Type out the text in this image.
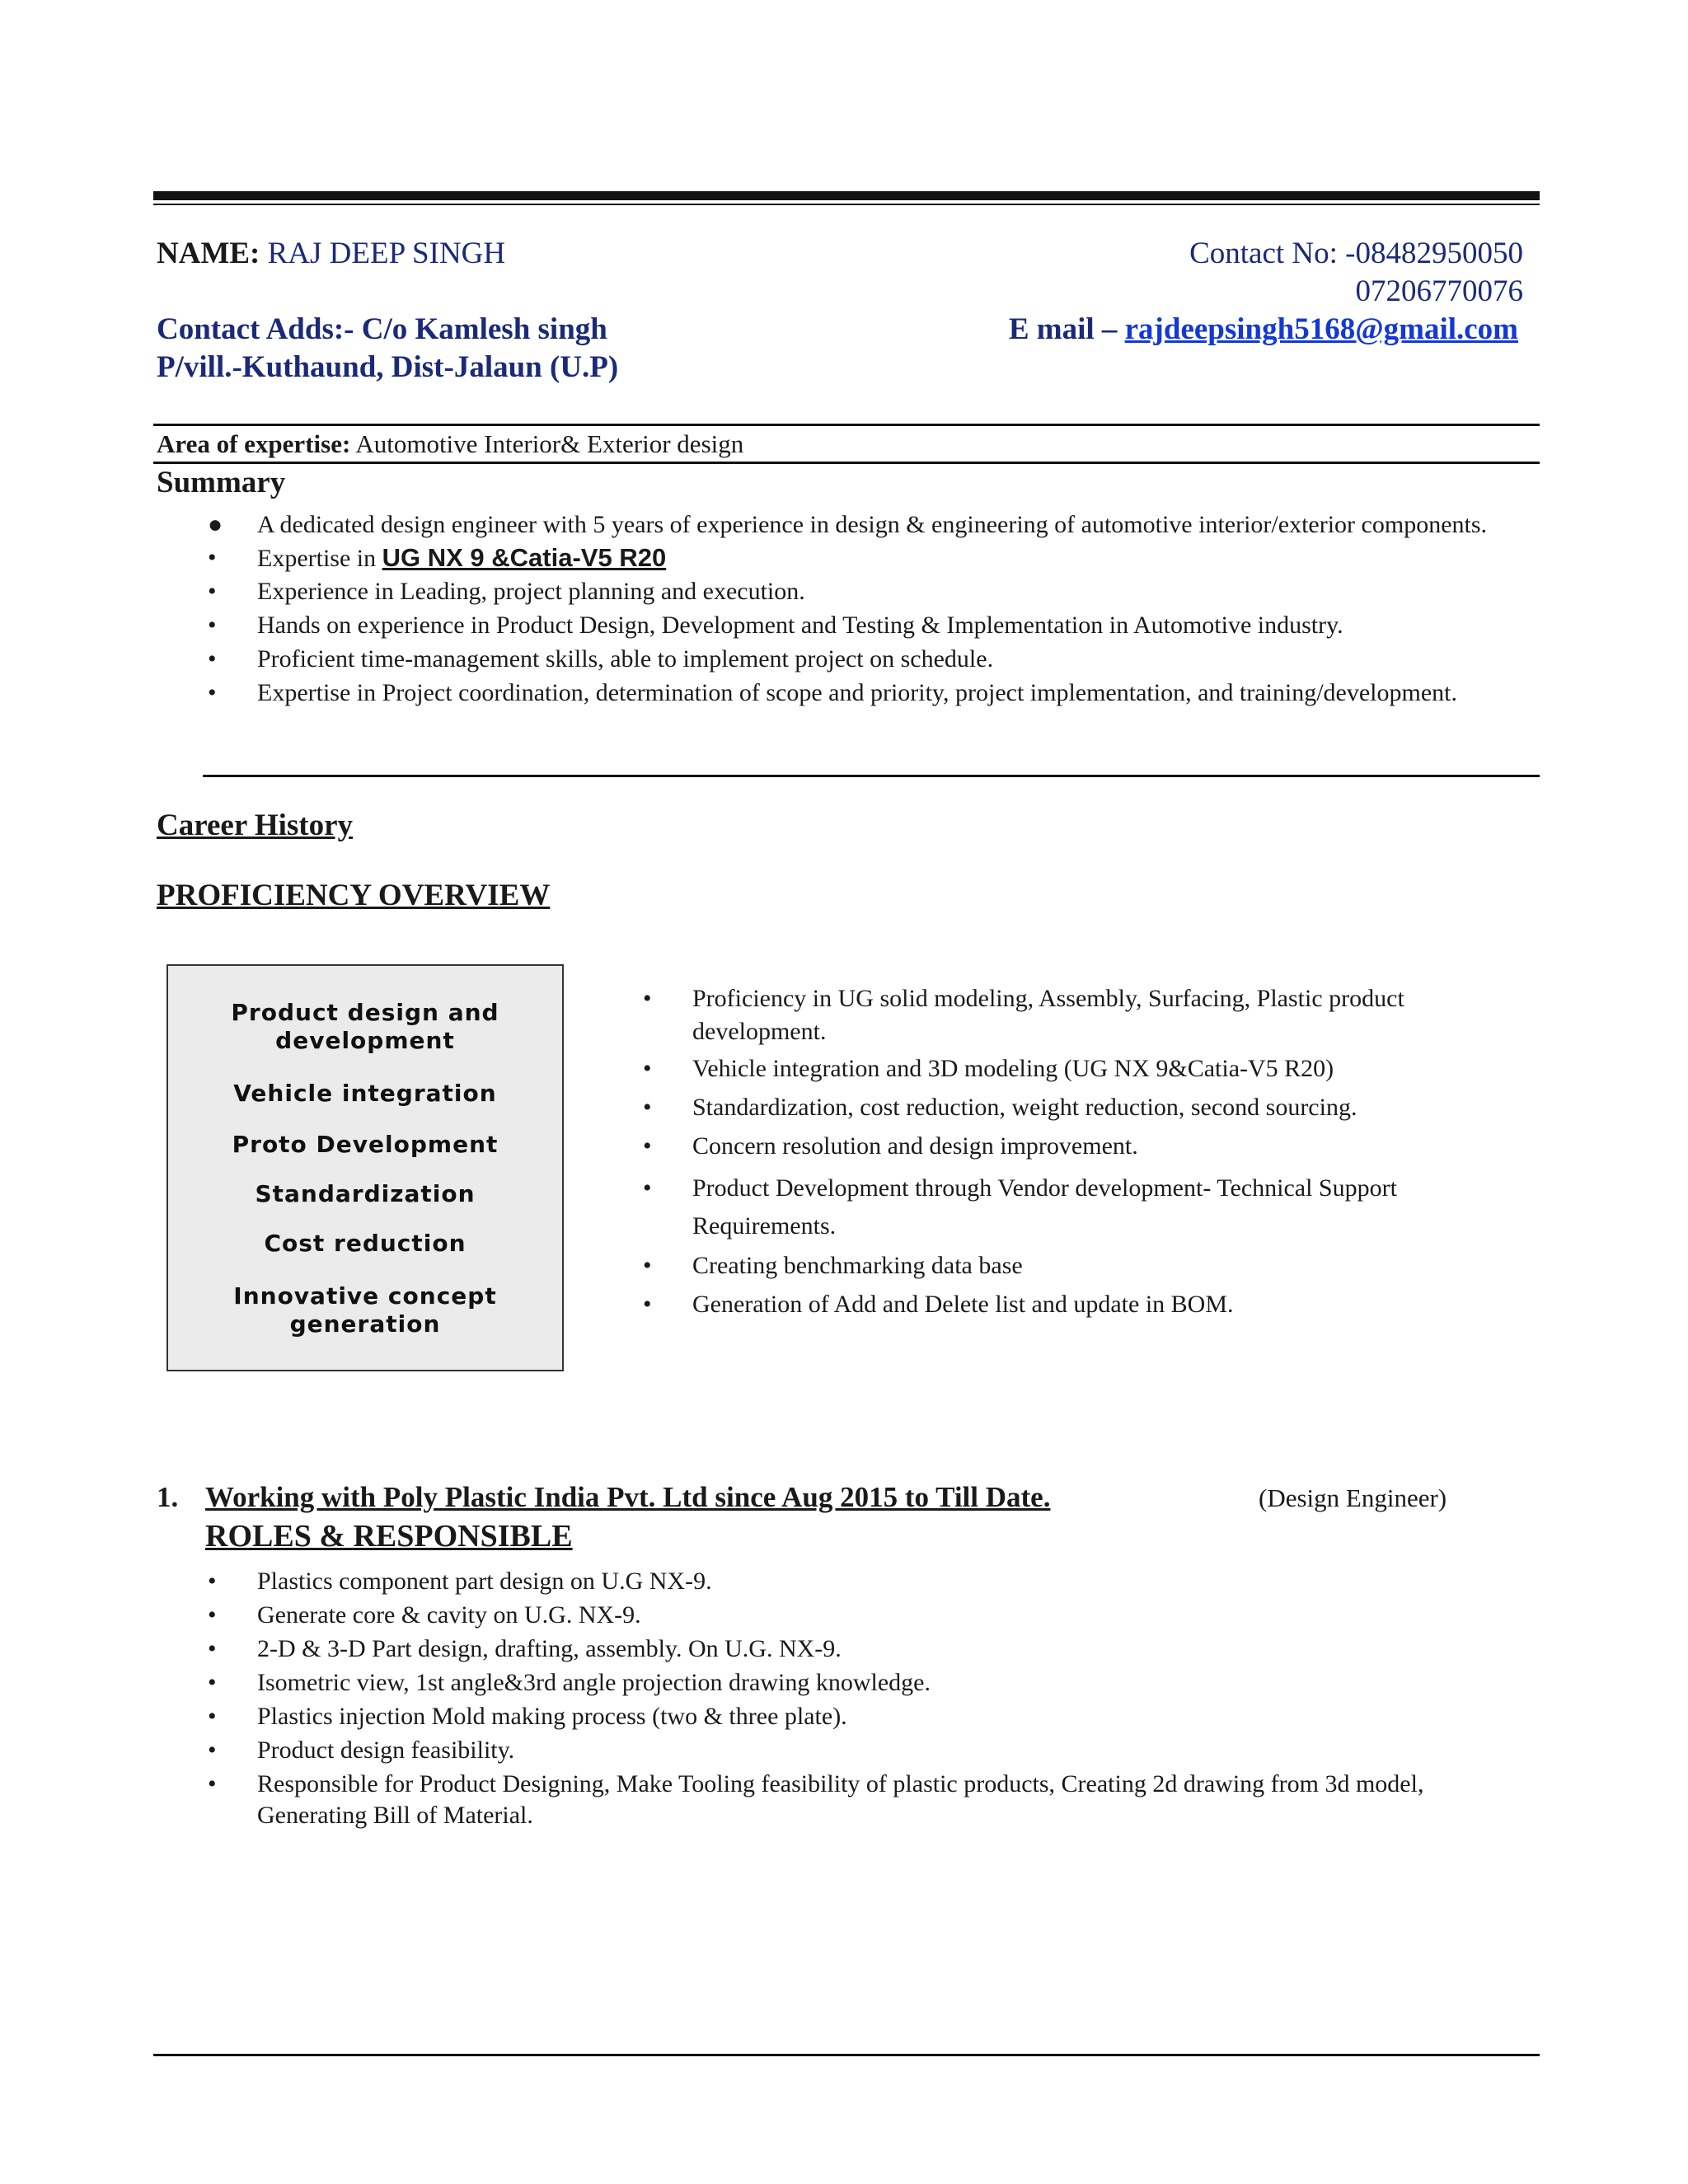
NAME: RAJ DEEP SINGH	Contact No: -08482950050
07206770076
Contact Adds:- C/o Kamlesh singh
P/vill.-Kuthaund, Dist-Jalaun (U.P)
E mail – rajdeepsingh5168@gmail.com
Area of expertise: Automotive Interior& Exterior design
Summary
● A dedicated design engineer with 5 years of experience in design & engineering of automotive interior/exterior components.
• Expertise in UG NX 9 &Catia-V5 R20
• Experience in Leading, project planning and execution.
• Hands on experience in Product Design, Development and Testing & Implementation in Automotive industry.
• Proficient time-management skills, able to implement project on schedule.
• Expertise in Project coordination, determination of scope and priority, project implementation, and training/development.
Career History
PROFICIENCY OVERVIEW
Product design and development
Vehicle integration
Proto Development
Standardization
Cost reduction
Innovative concept generation
• Proficiency in UG solid modeling, Assembly, Surfacing, Plastic product development.
• Vehicle integration and 3D modeling (UG NX 9&Catia-V5 R20)
• Standardization, cost reduction, weight reduction, second sourcing.
• Concern resolution and design improvement.
• Product Development through Vendor development- Technical Support Requirements.
• Creating benchmarking data base
• Generation of Add and Delete list and update in BOM.
1. Working with Poly Plastic India Pvt. Ltd since Aug 2015 to Till Date.	(Design Engineer)
ROLES & RESPONSIBLE
• Plastics component part design on U.G NX-9.
• Generate core & cavity on U.G. NX-9.
• 2-D & 3-D Part design, drafting, assembly. On U.G. NX-9.
• Isometric view, 1st angle&3rd angle projection drawing knowledge.
• Plastics injection Mold making process (two & three plate).
• Product design feasibility.
• Responsible for Product Designing, Make Tooling feasibility of plastic products, Creating 2d drawing from 3d model, Generating Bill of Material.
